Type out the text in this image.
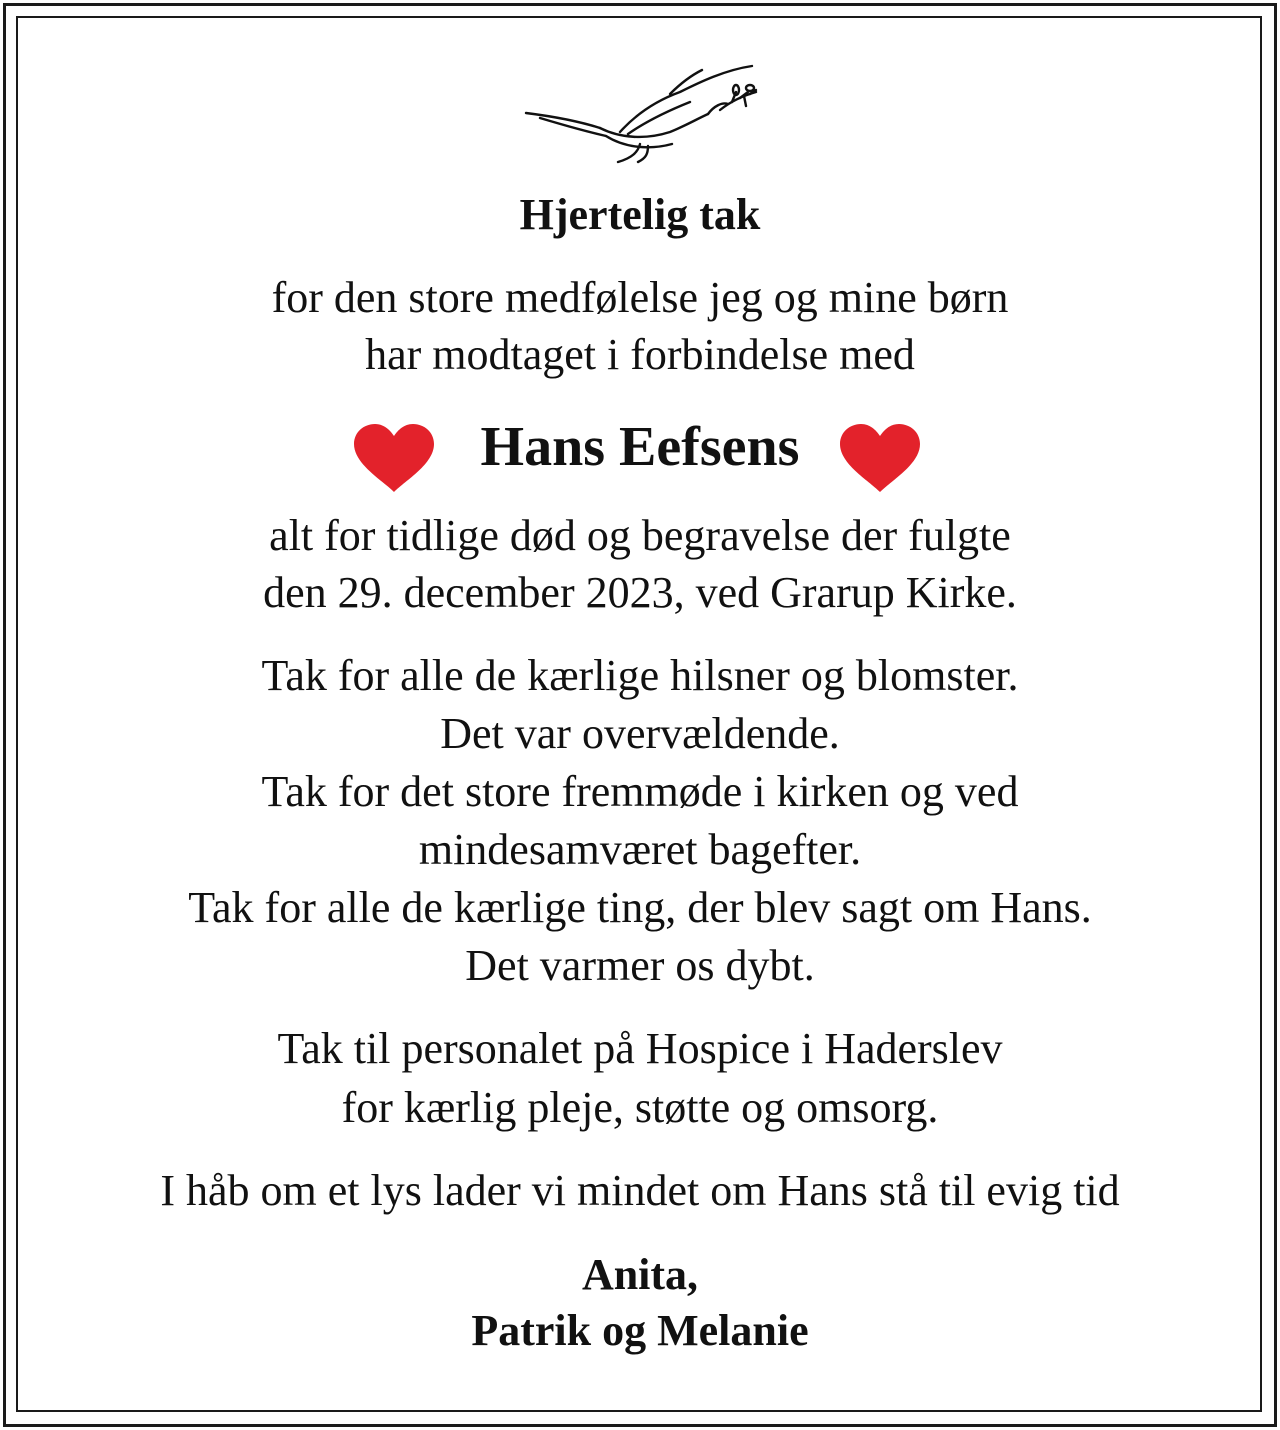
Hjertelig tak
for den store medfølelse jeg og mine børn
har modtaget i forbindelse med
Hans Eefsens
alt for tidlige død og begravelse der fulgte
den 29. december 2023, ved Grarup Kirke.
Tak for alle de kærlige hilsner og blomster.
Det var overvældende.
Tak for det store fremmøde i kirken og ved
mindesamværet bagefter.
Tak for alle de kærlige ting, der blev sagt om Hans.
Det varmer os dybt.
Tak til personalet på Hospice i Haderslev
for kærlig pleje, støtte og omsorg.
I håb om et lys lader vi mindet om Hans stå til evig tid
Anita,
Patrik og Melanie
